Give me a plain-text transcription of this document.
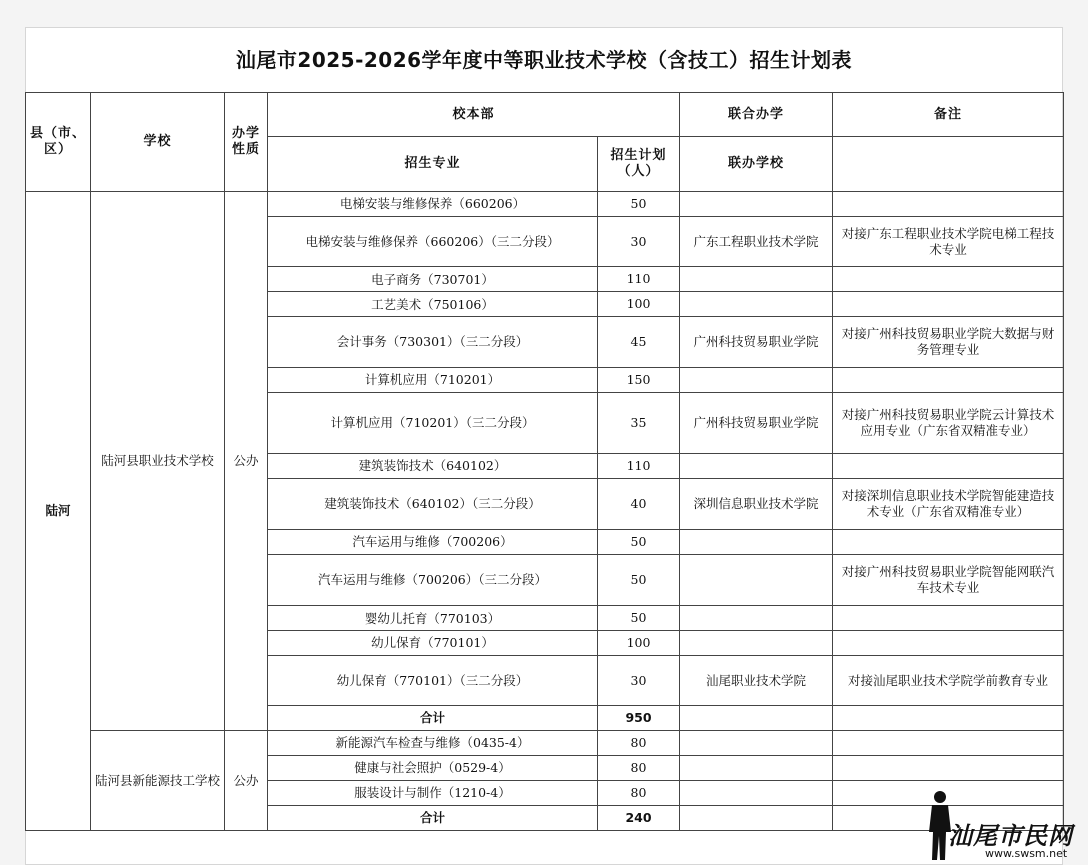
汕尾市2025-2026学年度中等职业技术学校（含技工）招生计划表
县（市、区）	学校	办学性质	校本部		联合办学	备注
			招生专业	招生计划（人）	联办学校	
陆河	陆河县职业技术学校	公办	电梯安装与维修保养（660206）	50		
			电梯安装与维修保养（660206）（三二分段）	30	广东工程职业技术学院	对接广东工程职业技术学院电梯工程技术专业

			电子商务（730701）	110		

			工艺美术（750106）	100		
			会计事务（730301）（三二分段）	45	广州科技贸易职业学院	对接广州科技贸易职业学院大数据与财务管理专业
			计算机应用（710201）	150		
			计算机应用（710201）（三二分段）	35	广州科技贸易职业学院	对接广州科技贸易职业学院云计算技术应用专业（广东省双精准专业）
			建筑装饰技术（640102）	110		
			建筑装饰技术（640102）（三二分段）	40	深圳信息职业技术学院	对接深圳信息职业技术学院智能建造技术专业（广东省双精准专业）
			汽车运用与维修（700206）	50		
			汽车运用与维修（700206）（三二分段）	50		对接广州科技贸易职业学院智能网联汽车技术专业

			婴幼儿托育（770103）	50		
			幼儿保育（770101）	100		
			幼儿保育（770101）（三二分段）	30	汕尾职业技术学院	对接汕尾职业技术学院学前教育专业
			合计	950		
	陆河县新能源技工学校	公办	新能源汽车检查与维修（0435-4）	80		
			健康与社会照护（0529-4）	80		
			服装设计与制作（1210-4）	80		
			合计	240		
汕尾市民网
www.swsm.net
